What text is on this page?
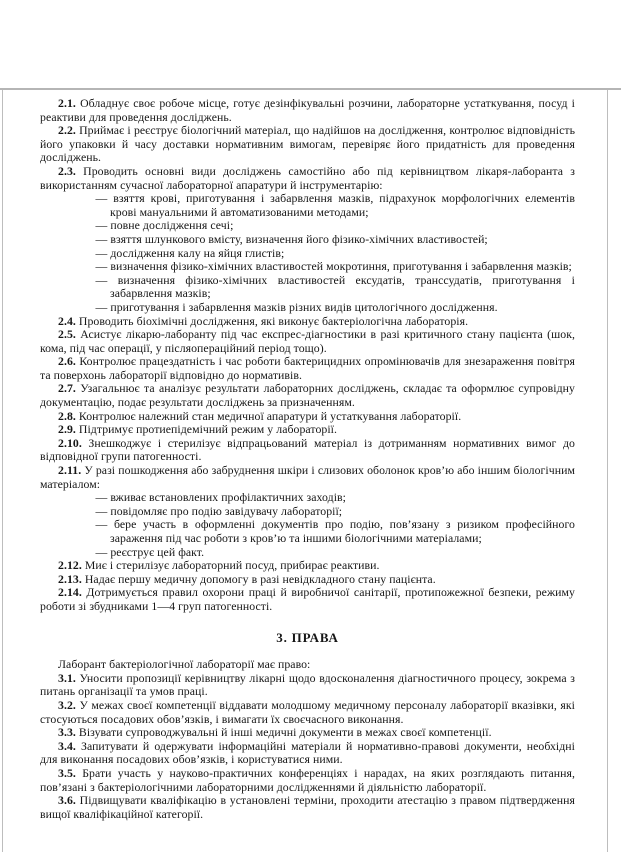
2.1. Обладнує своє робоче місце, готує дезінфікувальні розчини, лабораторне устаткування, посуд і реактиви для проведення досліджень.

2.2. Приймає і реєструє біологічний матеріал, що надійшов на дослідження, контролює відповідність його упаковки й часу доставки нормативним вимогам, перевіряє його придатність для проведення досліджень.

2.3. Проводить основні види досліджень самостійно або під керівництвом лікаря-лаборанта з використанням сучасної лабораторної апаратури й інструментарію:

— взяття крові, приготування і забарвлення мазків, підрахунок морфологічних елементів крові мануальними й автоматизованими методами;

— повне дослідження сечі;

— взяття шлункового вмісту, визначення його фізико-хімічних властивостей;

— дослідження калу на яйця глистів;

— визначення фізико-хімічних властивостей мокротиння, приготування і забарвлення мазків;

— визначення фізико-хімічних властивостей ексудатів, транссудатів, приготування і забарвлення мазків;

— приготування і забарвлення мазків різних видів цитологічного дослідження.

2.4. Проводить біохімічні дослідження, які виконує бактеріологічна лабораторія.

2.5. Асистує лікарю-лаборанту під час експрес-діагностики в разі критичного стану пацієнта (шок, кома, під час операції, у післяопераційний період тощо).

2.6. Контролює працездатність і час роботи бактерицидних опромінювачів для знезараження повітря та поверхонь лабораторії відповідно до нормативів.

2.7. Узагальнює та аналізує результати лабораторних досліджень, складає та оформлює супровідну документацію, подає результати досліджень за призначенням.

2.8. Контролює належний стан медичної апаратури й устаткування лабораторії.

2.9. Підтримує протиепідемічний режим у лабораторії.

2.10. Знешкоджує і стерилізує відпрацьований матеріал із дотриманням нормативних вимог до відповідної групи патогенності.

2.11. У разі пошкодження або забруднення шкіри і слизових оболонок кров’ю або іншим біологічним матеріалом:

— вживає встановлених профілактичних заходів;

— повідомляє про подію завідувачу лабораторії;

— бере участь в оформленні документів про подію, пов’язану з ризиком професійного зараження під час роботи з кров’ю та іншими біологічними матеріалами;

— реєструє цей факт.

2.12. Миє і стерилізує лабораторний посуд, прибирає реактиви.

2.13. Надає першу медичну допомогу в разі невідкладного стану пацієнта.

2.14. Дотримується правил охорони праці й виробничої санітарії, протипожежної безпеки, режиму роботи зі збудниками 1—4 груп патогенності.

3. ПРАВА

Лаборант бактеріологічної лабораторії має право:

3.1. Уносити пропозиції керівництву лікарні щодо вдосконалення діагностичного процесу, зокрема з питань організації та умов праці.

3.2. У межах своєї компетенції віддавати молодшому медичному персоналу лабораторії вказівки, які стосуються посадових обов’язків, і вимагати їх своєчасного виконання.

3.3. Візувати супроводжувальні й інші медичні документи в межах своєї компетенції.

3.4. Запитувати й одержувати інформаційні матеріали й нормативно-правові документи, необхідні для виконання посадових обов’язків, і користуватися ними.

3.5. Брати участь у науково-практичних конференціях і нарадах, на яких розглядають питання, пов’язані з бактеріологічними лабораторними дослідженнями й діяльністю лабораторії.

3.6. Підвищувати кваліфікацію в установлені терміни, проходити атестацію з правом підтвердження вищої кваліфікаційної категорії.
